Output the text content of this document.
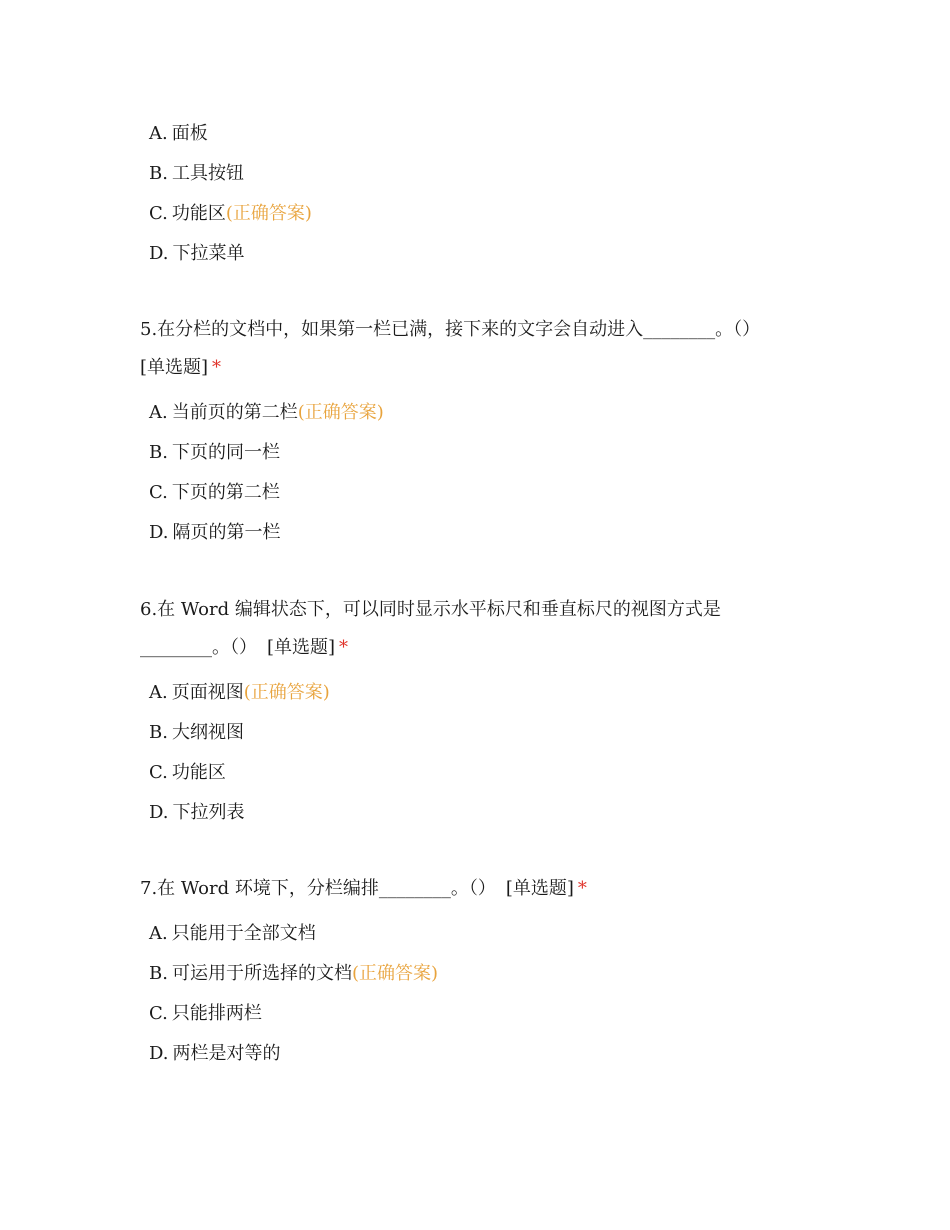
A. 面板
B. 工具按钮
C. 功能区(正确答案)
D. 下拉菜单

5.在分栏的文档中，如果第一栏已满，接下来的文字会自动进入________。（）
[单选题] *

A. 当前页的第二栏(正确答案)
B. 下页的同一栏
C. 下页的第二栏
D. 隔页的第一栏

6.在 Word 编辑状态下，可以同时显示水平标尺和垂直标尺的视图方式是________。（） [单选题] *

A. 页面视图(正确答案)
B. 大纲视图
C. 功能区
D. 下拉列表

7.在 Word 环境下，分栏编排________。（） [单选题] *

A. 只能用于全部文档
B. 可运用于所选择的文档(正确答案)
C. 只能排两栏
D. 两栏是对等的
